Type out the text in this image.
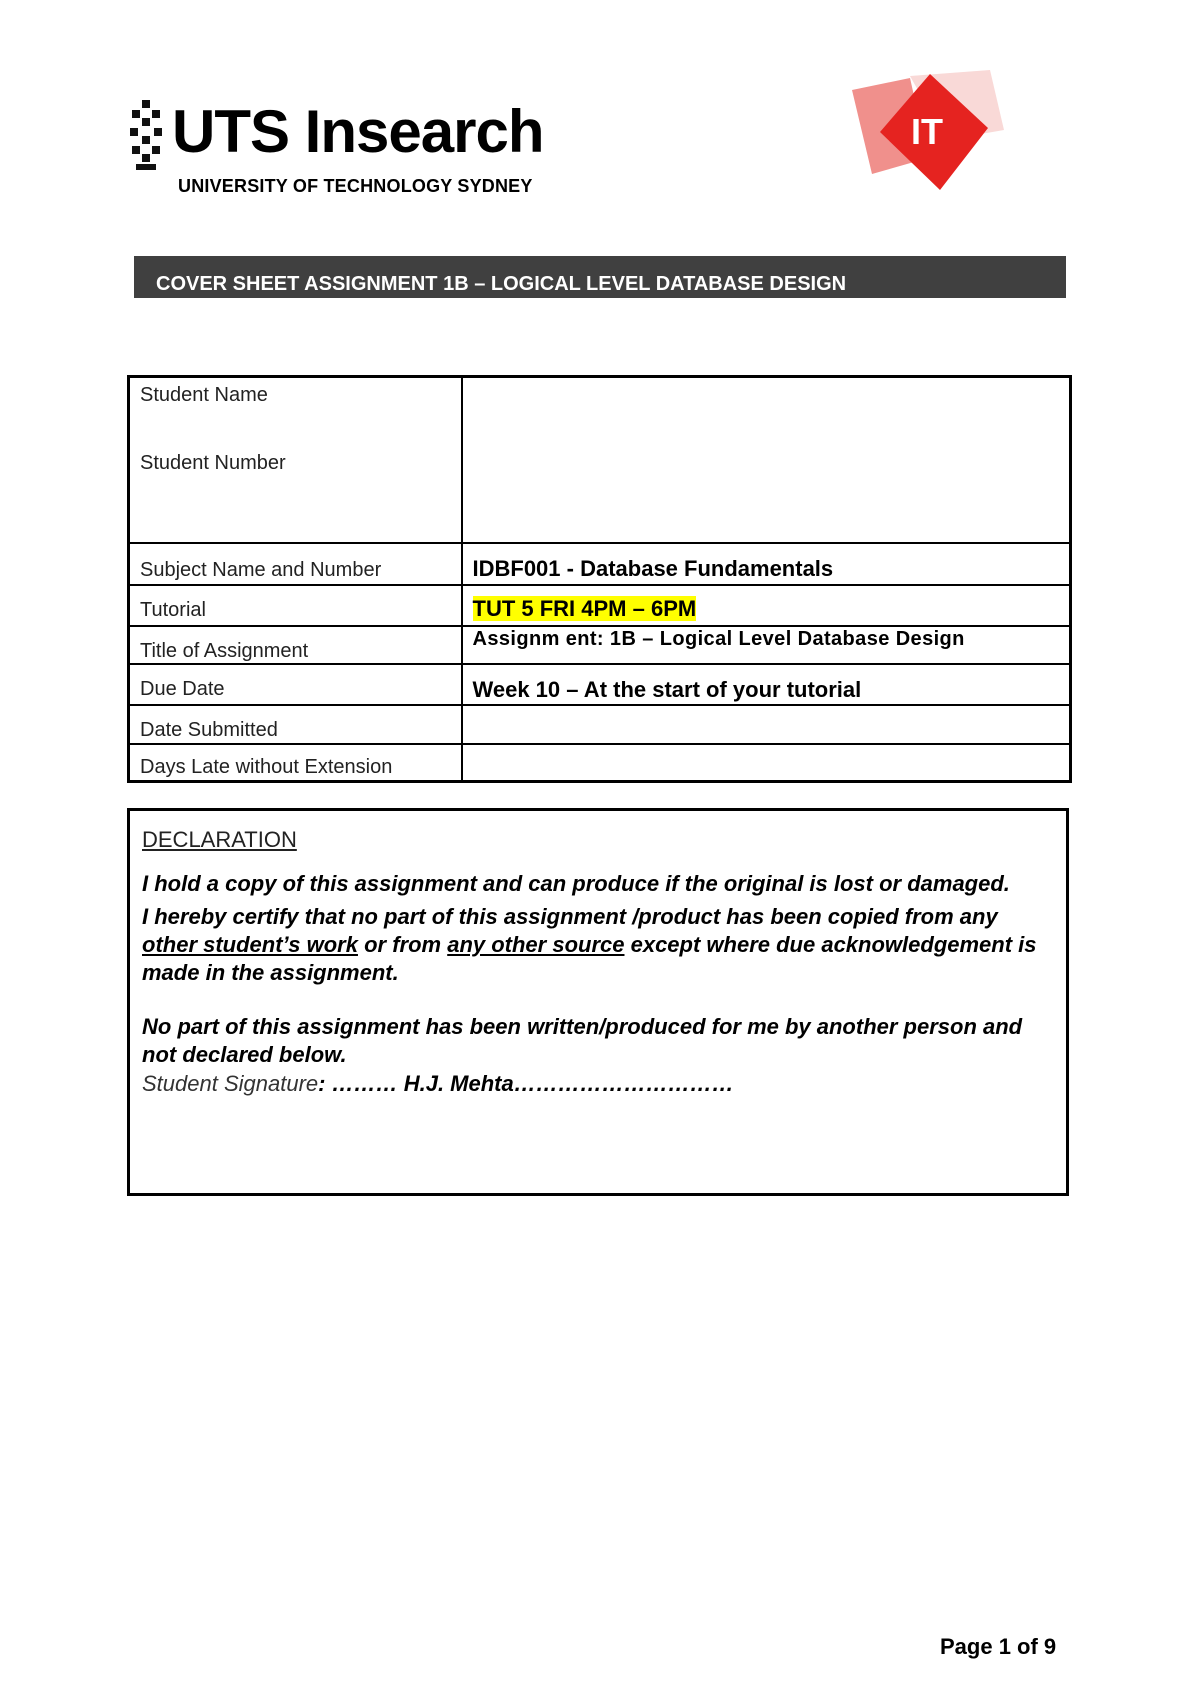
UTS Insearch
UNIVERSITY OF TECHNOLOGY SYDNEY
IT
COVER SHEET ASSIGNMENT 1B – LOGICAL LEVEL DATABASE DESIGN
Student Name
Student Number	

Subject Name and Number	IDBF001 - Database Fundamentals
Tutorial	TUT 5 FRI 4PM – 6PM
Title of Assignment	Assignm ent: 1B – Logical Level Database Design
Due Date	Week 10 – At the start of your tutorial
Date Submitted	
Days Late without Extension	

DECLARATION

I hold a copy of this assignment and can produce if the original is lost or damaged.

I hereby certify that no part of this assignment /product has been copied from any other student’s work or from any other source except where due acknowledgement is made in the assignment.

No part of this assignment has been written/produced for me by another person and not declared below.

Student Signature: ……… H.J. Mehta…………………………

Page 1 of 9
